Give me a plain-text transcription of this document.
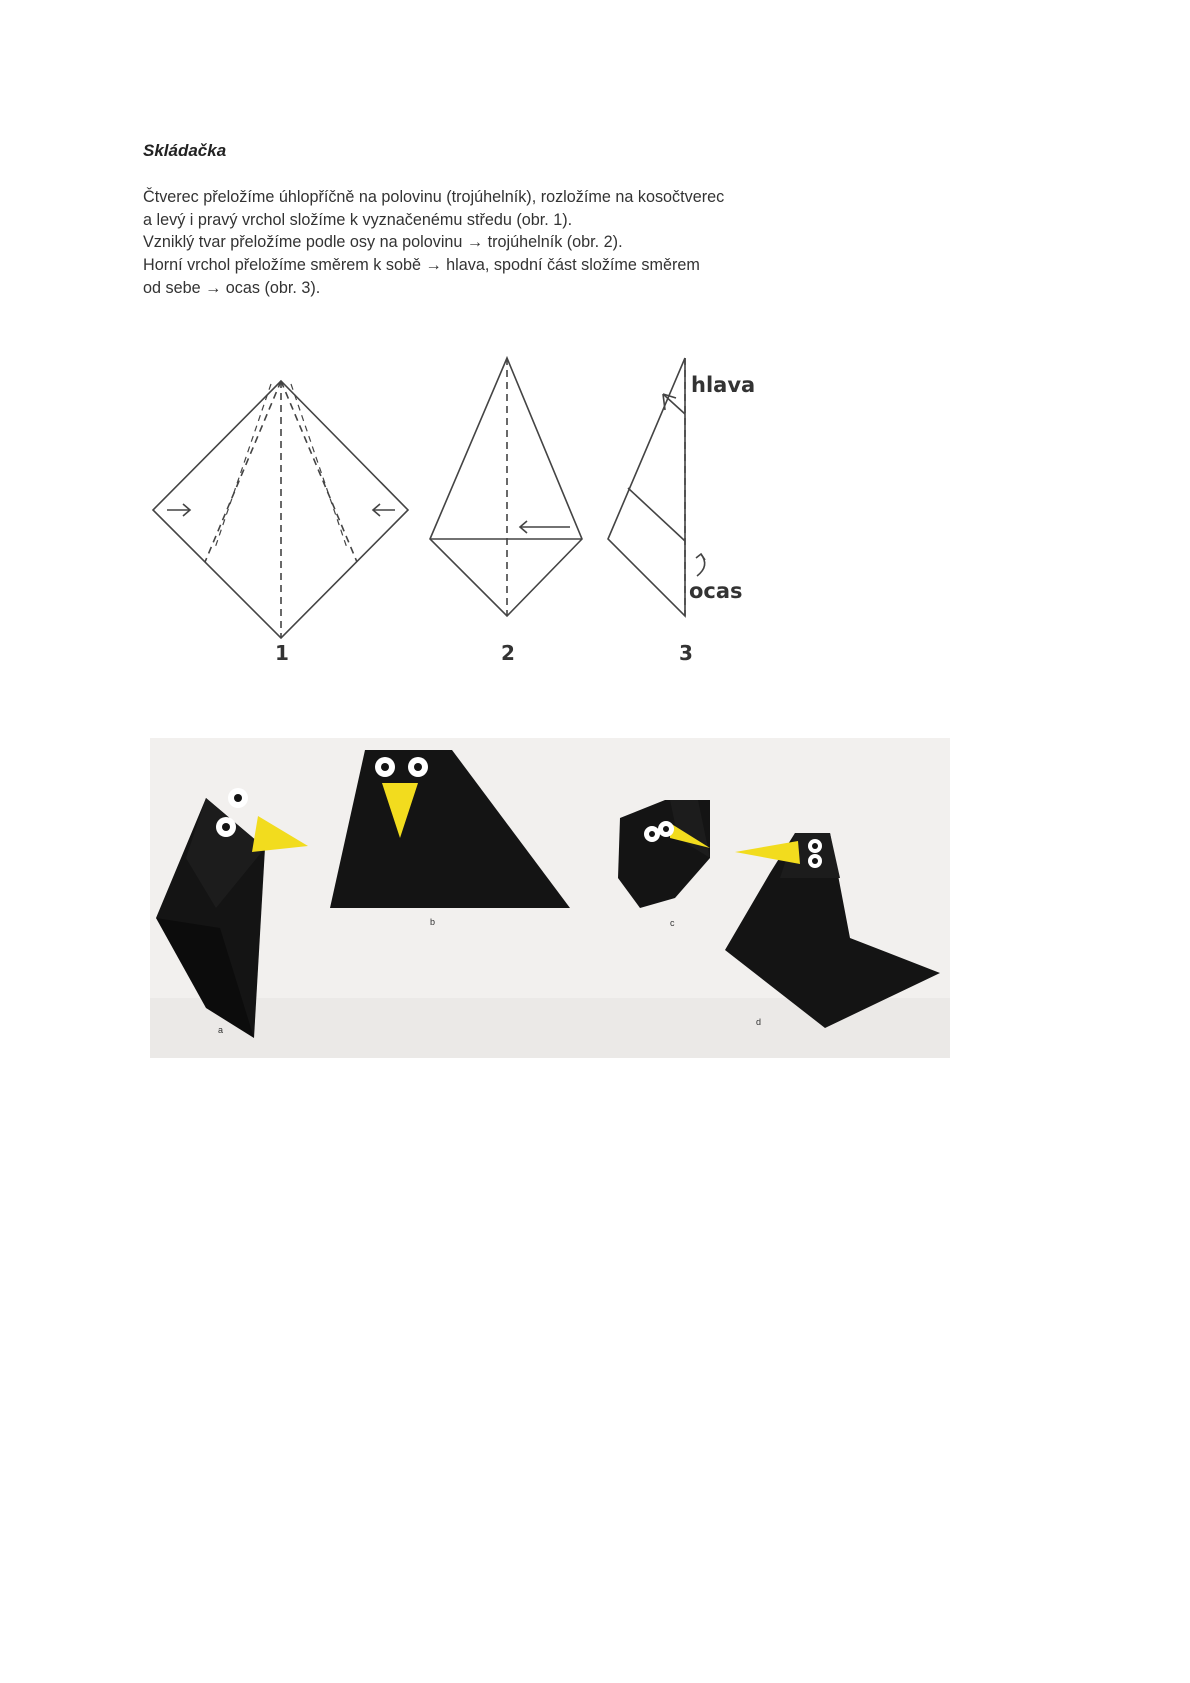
Skládačka
Čtverec přeložíme úhlopříčně na polovinu (trojúhelník), rozložíme na kosočtverec
a levý i pravý vrchol složíme k vyznačenému středu (obr. 1).
Vzniklý tvar přeložíme podle osy na polovinu → trojúhelník (obr. 2).
Horní vrchol přeložíme směrem k sobě → hlava, spodní část složíme směrem
od sebe → ocas (obr. 3).
1	2	3
hlava
ocas
a
b	c
d
